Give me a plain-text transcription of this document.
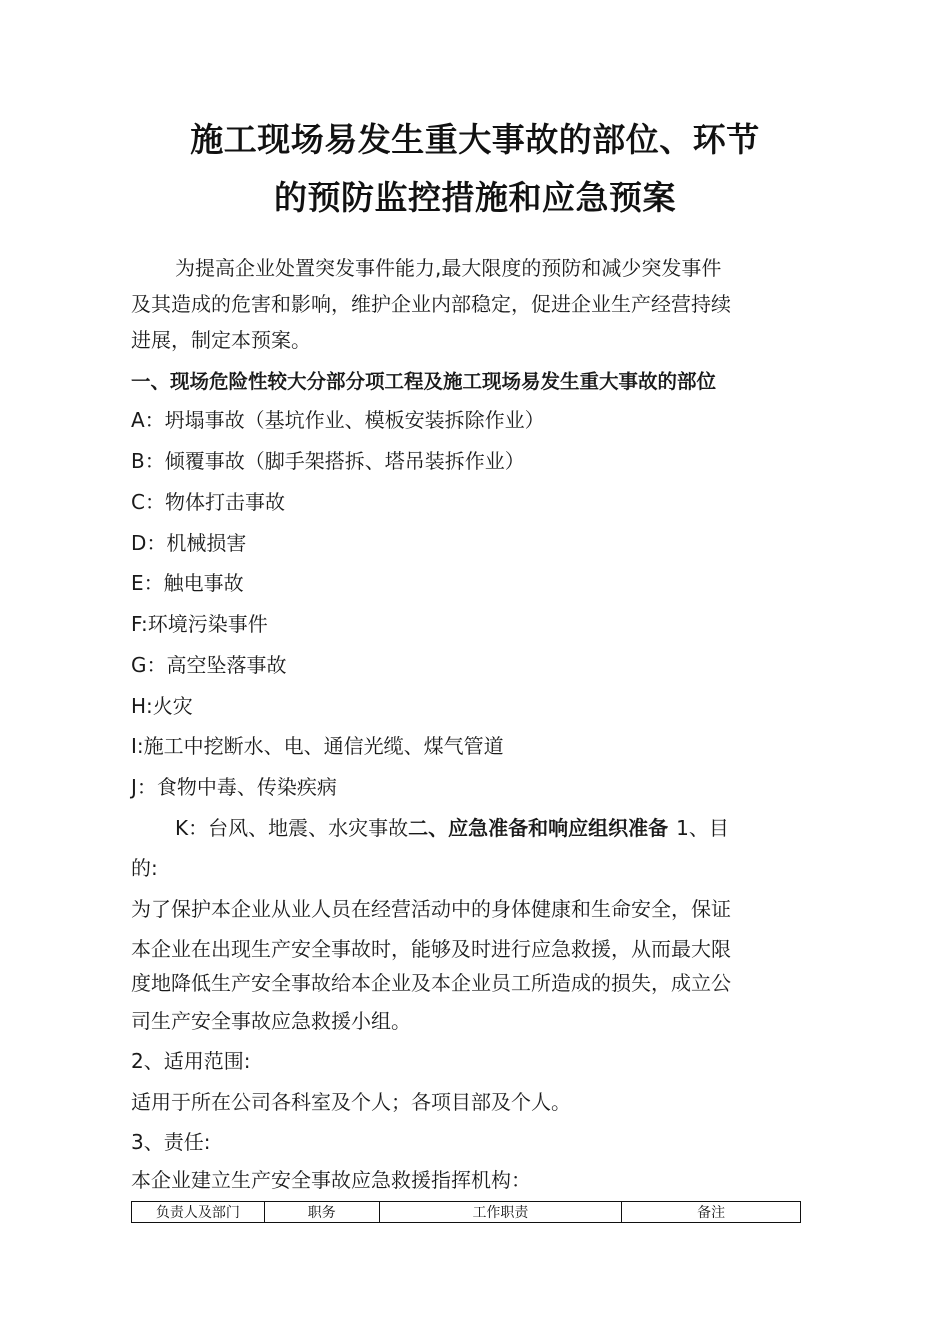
施工现场易发生重大事故的部位、环节
的预防监控措施和应急预案
为提高企业处置突发事件能力,最大限度的预防和减少突发事件
及其造成的危害和影响，维护企业内部稳定，促进企业生产经营持续
进展，制定本预案。
一、现场危险性较大分部分项工程及施工现场易发生重大事故的部位
A：坍塌事故（基坑作业、模板安装拆除作业）
B：倾覆事故（脚手架搭拆、塔吊装拆作业）
C：物体打击事故
D：机械损害
E：触电事故
F:环境污染事件
G：高空坠落事故
H:火灾
I:施工中挖断水、电、通信光缆、煤气管道
J：食物中毒、传染疾病
K：台风、地震、水灾事故二、应急准备和响应组织准备 1、目
的:
为了保护本企业从业人员在经营活动中的身体健康和生命安全，保证
本企业在出现生产安全事故时，能够及时进行应急救援，从而最大限
度地降低生产安全事故给本企业及本企业员工所造成的损失，成立公
司生产安全事故应急救援小组。
2、适用范围:
适用于所在公司各科室及个人；各项目部及个人。
3、责任:
本企业建立生产安全事故应急救援指挥机构：
负责人及部门	职务	工作职责	备注
